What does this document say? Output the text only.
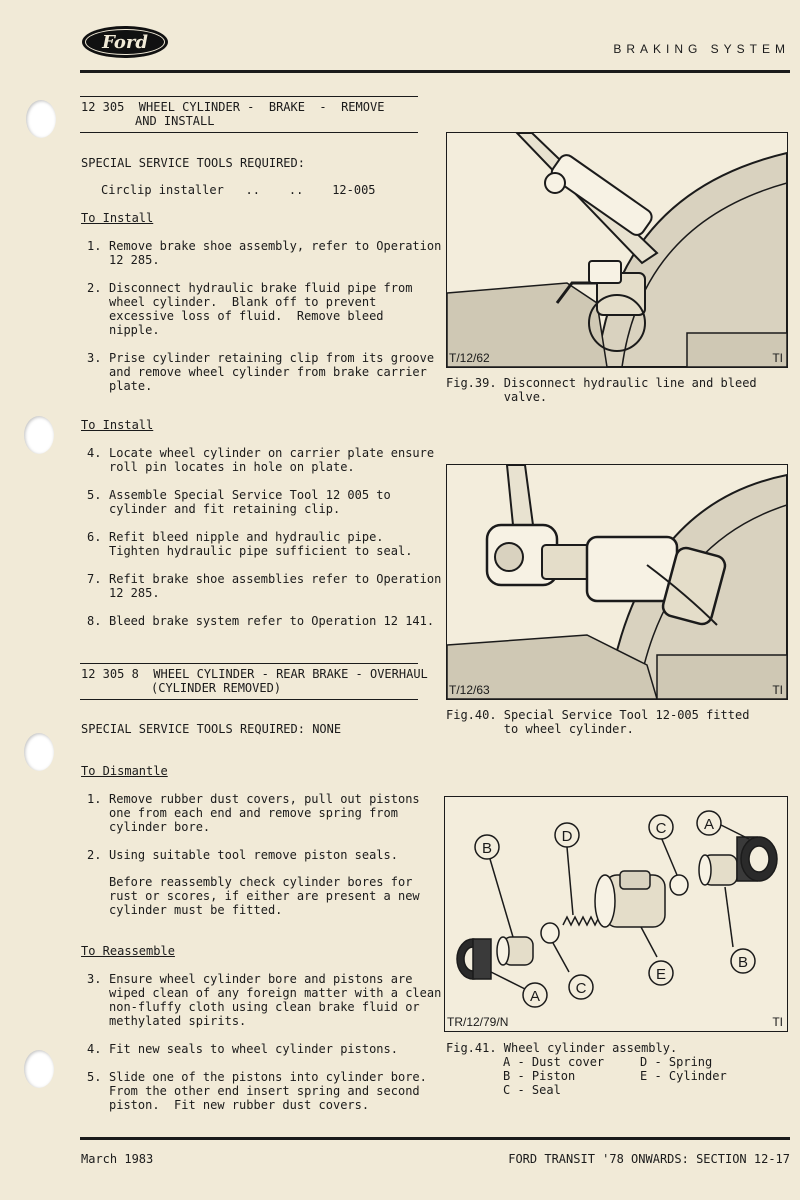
Ford	BRAKING SYSTEM
12 305  WHEEL CYLINDER -  BRAKE  -  REMOVE
AND INSTALL
SPECIAL SERVICE TOOLS REQUIRED:
Circlip installer   ..    ..    12-005
To Install
1. Remove brake shoe assembly, refer to Operation
12 285.
2. Disconnect hydraulic brake fluid pipe from
wheel cylinder.  Blank off to prevent
excessive loss of fluid.  Remove bleed
nipple.
3. Prise cylinder retaining clip from its groove
and remove wheel cylinder from brake carrier
plate.
To Install
4. Locate wheel cylinder on carrier plate ensure
roll pin locates in hole on plate.
5. Assemble Special Service Tool 12 005 to
cylinder and fit retaining clip.
6. Refit bleed nipple and hydraulic pipe.
Tighten hydraulic pipe sufficient to seal.
7. Refit brake shoe assemblies refer to Operation
12 285.
8. Bleed brake system refer to Operation 12 141.
12 305 8  WHEEL CYLINDER - REAR BRAKE - OVERHAUL
(CYLINDER REMOVED)
SPECIAL SERVICE TOOLS REQUIRED: NONE
To Dismantle
1. Remove rubber dust covers, pull out pistons
one from each end and remove spring from
cylinder bore.
2. Using suitable tool remove piston seals.
Before reassembly check cylinder bores for
rust or scores, if either are present a new
cylinder must be fitted.
To Reassemble
3. Ensure wheel cylinder bore and pistons are
wiped clean of any foreign matter with a clean
non-fluffy cloth using clean brake fluid or
methylated spirits.
4. Fit new seals to wheel cylinder pistons.
5. Slide one of the pistons into cylinder bore.
From the other end insert spring and second
piston.  Fit new rubber dust covers.
T/12/62	TI
Fig.39. Disconnect hydraulic line and bleed
valve.
T/12/63	TI
Fig.40. Special Service Tool 12-005 fitted
to wheel cylinder.
B
D	C	A
E
B
A C
TR/12/79/N	TI
Fig.41. Wheel cylinder assembly.
A - Dust cover
B - Piston
C - Seal
D - Spring
E - Cylinder
March 1983	FORD TRANSIT '78 ONWARDS: SECTION 12-17
